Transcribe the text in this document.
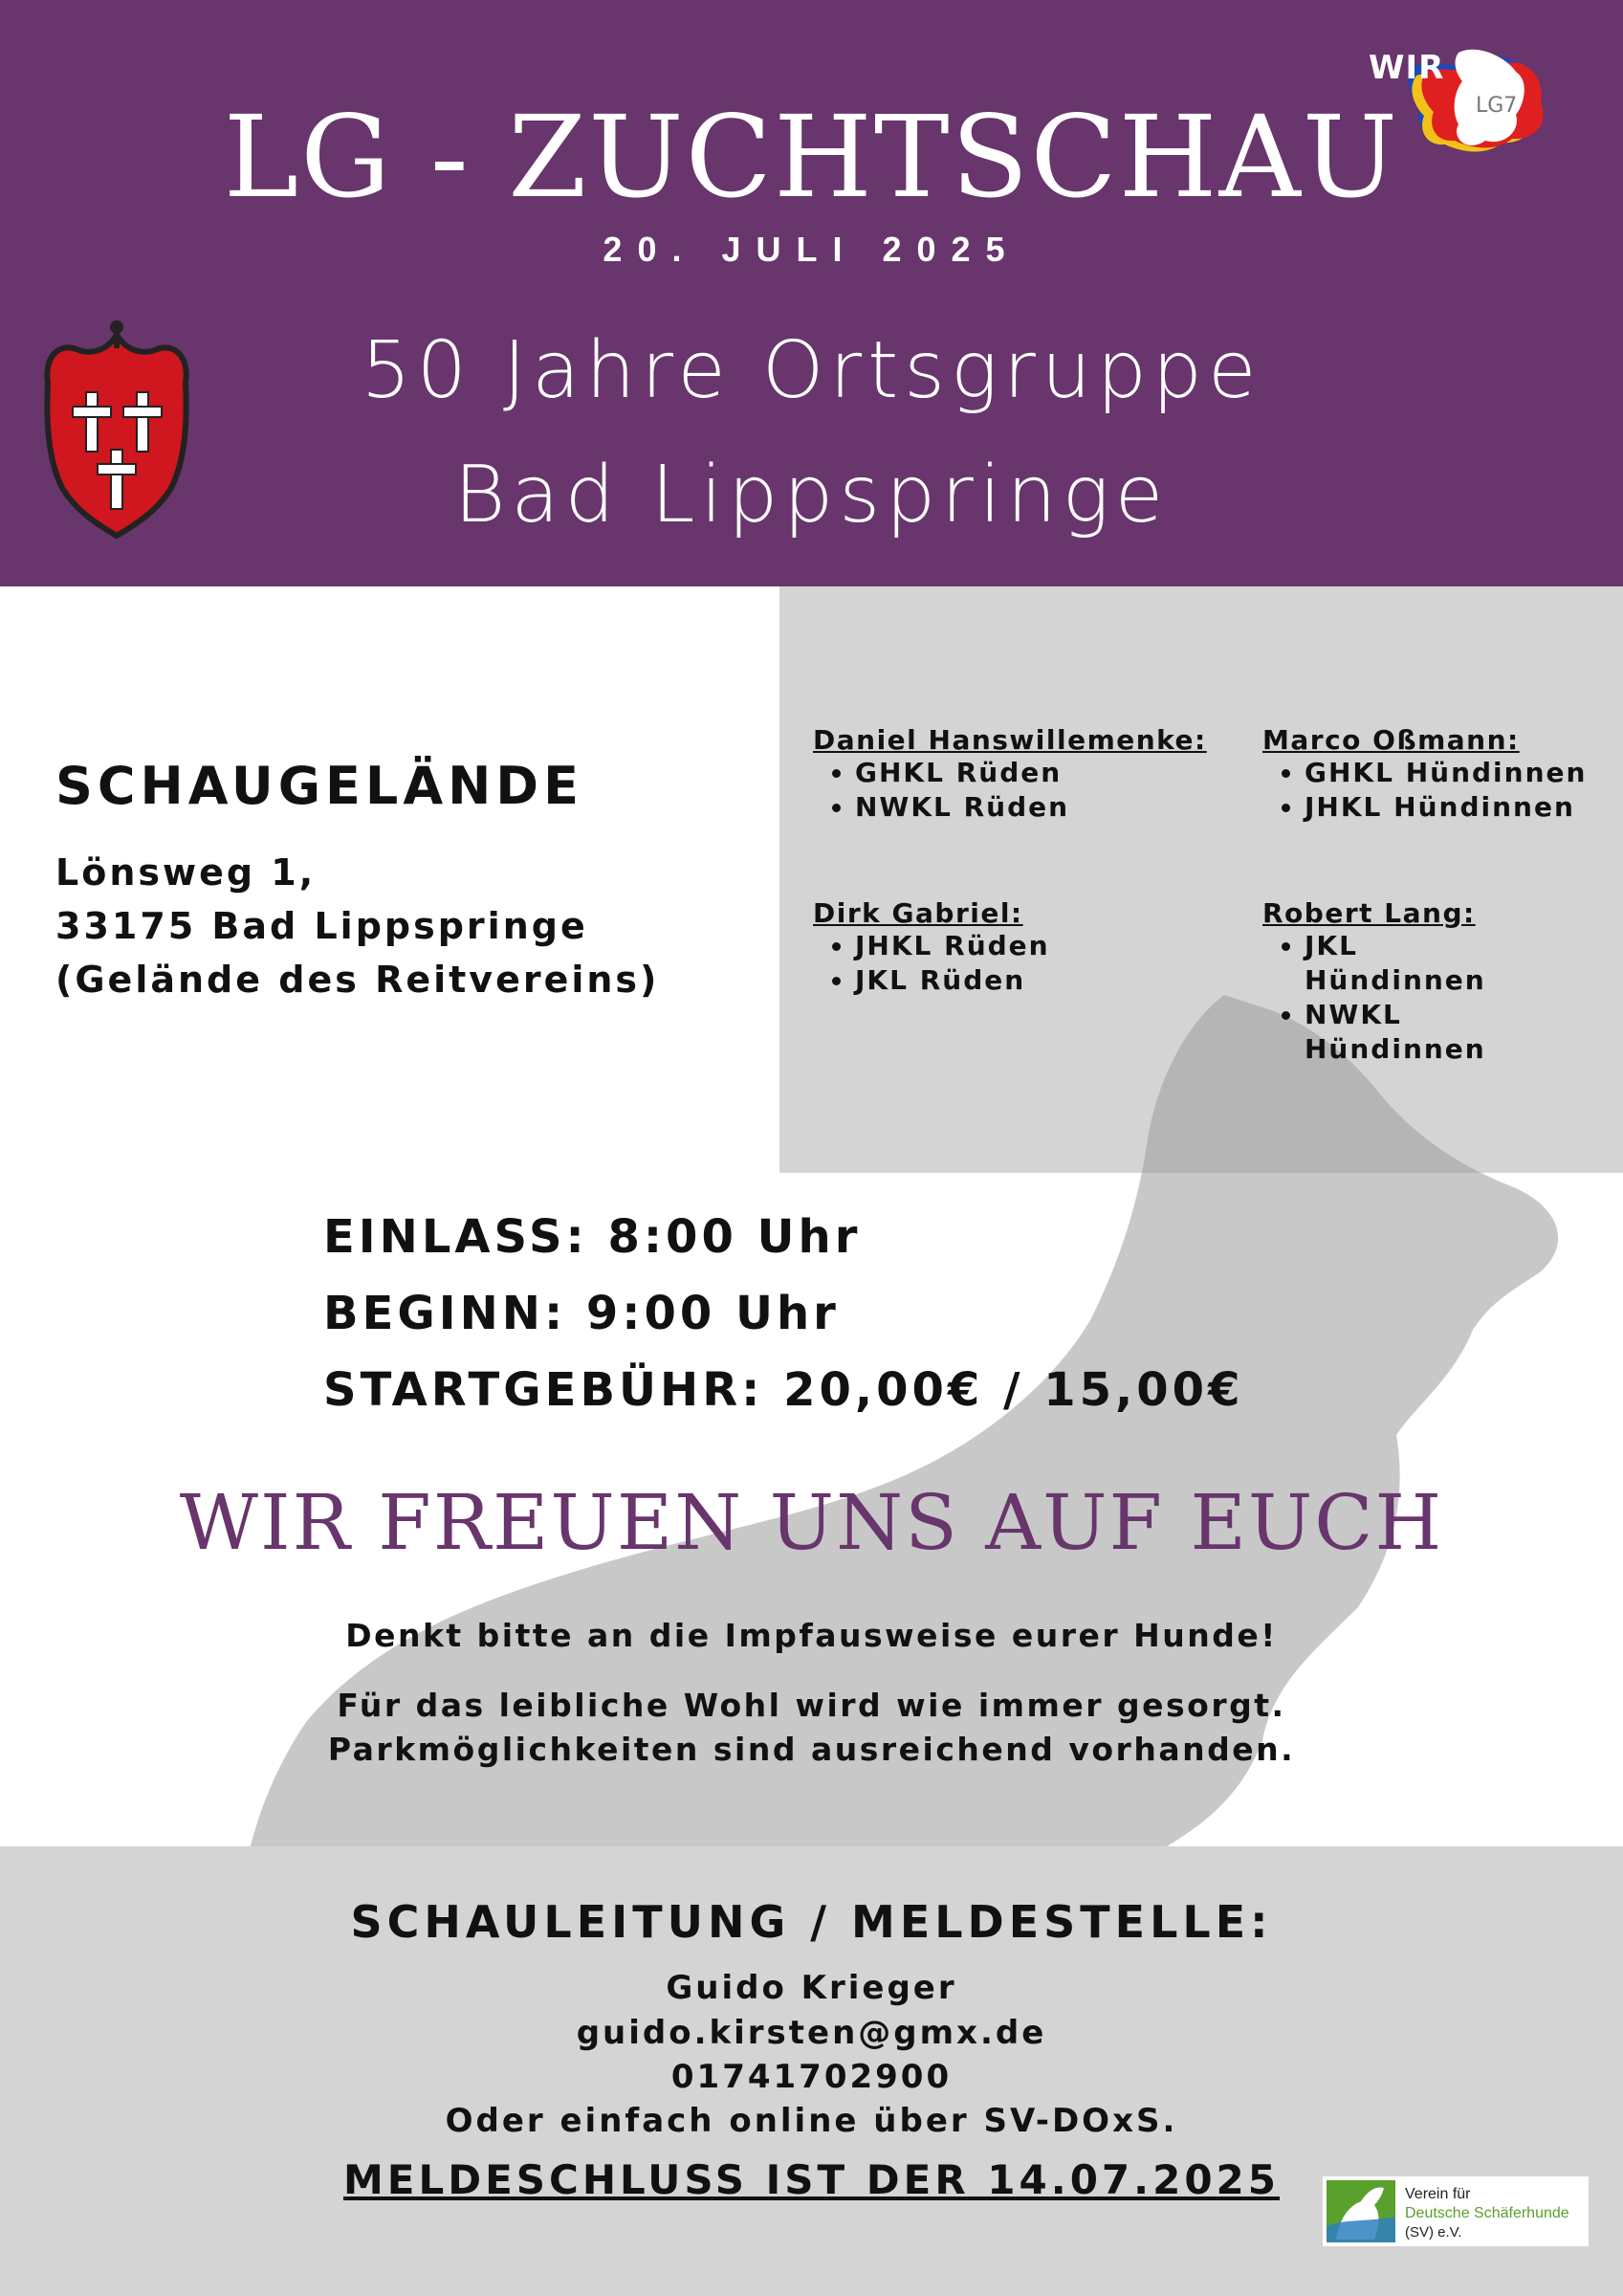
LG - ZUCHTSCHAU
20. JULI 2025
50 Jahre Ortsgruppe
Bad Lippspringe
LG7
WIR
Daniel Hanswillemenke:
• GHKL Rüden
• NWKL Rüden
Marco Oßmann:
• GHKL Hündinnen
• JHKL Hündinnen
Dirk Gabriel:
• JHKL Rüden
• JKL Rüden
Robert Lang:
• JKL Hündinnen
• NWKL Hündinnen
SCHAUGELÄNDE
Lönsweg 1,
33175 Bad Lippspringe
(Gelände des Reitvereins)
EINLASS: 8:00 Uhr
BEGINN: 9:00 Uhr
STARTGEBÜHR: 20,00€ / 15,00€
WIR FREUEN UNS AUF EUCH
Denkt bitte an die Impfausweise eurer Hunde!
Für das leibliche Wohl wird wie immer gesorgt.
Parkmöglichkeiten sind ausreichend vorhanden.
SCHAULEITUNG / MELDESTELLE:
Guido Krieger
guido.kirsten@gmx.de
01741702900
Oder einfach online über SV-DOxS.
MELDESCHLUSS IST DER 14.07.2025	Verein für
Deutsche Schäferhunde
(SV) e.V.
